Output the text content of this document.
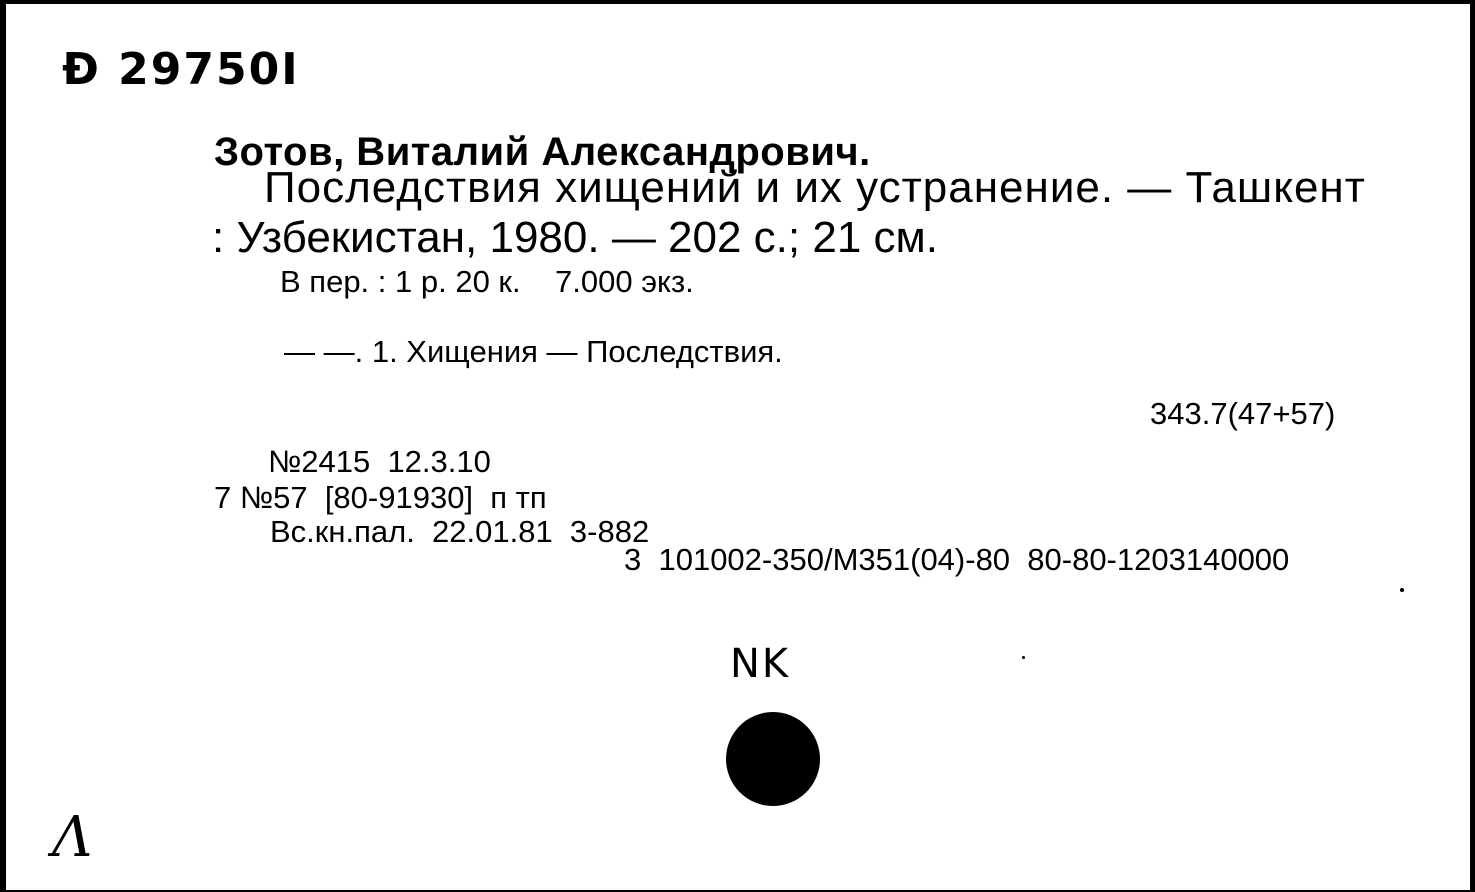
Ð 29750I
Зотов, Виталий Александрович.
Последствия хищений и их устранение. — Ташкент
: Узбекистан, 1980. — 202 с.; 21 см.
В пер. : 1 р. 20 к.    7.000 экз.
— —. 1. Хищения — Последствия.
343.7(47+57)
№2415  12.3.10
7 №57  [80-91930]  п тп
Вс.кн.пал.  22.01.81  3-882
3  101002-350/М351(04)-80  80-80-1203140000
NK
Λ
